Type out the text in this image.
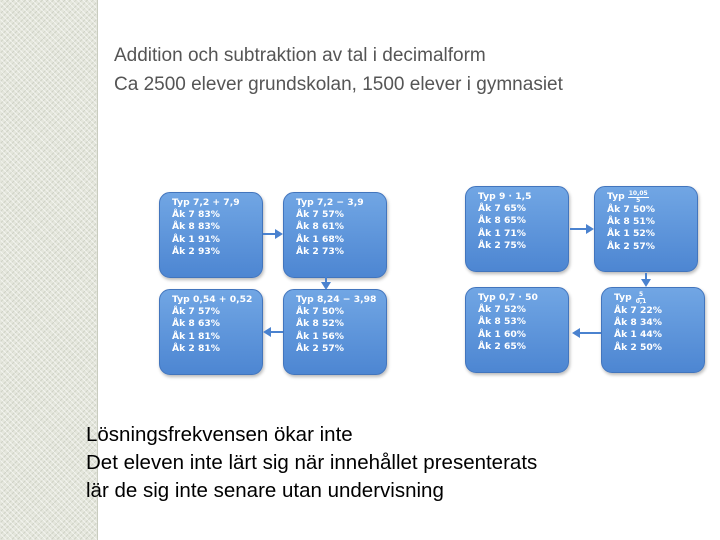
Addition och subtraktion av tal i decimalform
Ca 2500 elever grundskolan, 1500 elever i gymnasiet
Typ 7,2 + 7,9
Åk 7 83%
Åk 8 83%
Åk 1 91%
Åk 2 93%
Typ 7,2 − 3,9
Åk 7 57%
Åk 8 61%
Åk 1 68%
Åk 2 73%
Typ 0,54 + 0,52
Åk 7 57%
Åk 8 63%
Åk 1 81%
Åk 2 81%
Typ 8,24 − 3,98
Åk 7 50%
Åk 8 52%
Åk 1 56%
Åk 2 57%
Typ 9 · 1,5
Åk 7 65%
Åk 8 65%
Åk 1 71%
Åk 2 75%
Typ $\frac{10,05}{5}$
Åk 7 50%
Åk 8 51%
Åk 1 52%
Åk 2 57%
Typ 0,7 · 50
Åk 7 52%
Åk 8 53%
Åk 1 60%
Åk 2 65%
Typ $\frac{5}{0,1}$
Åk 7 22%
Åk 8 34%
Åk 1 44%
Åk 2 50%

Lösningsfrekvensen ökar inte
Det eleven inte lärt sig när innehållet presenterats
lär de sig inte senare utan undervisning
